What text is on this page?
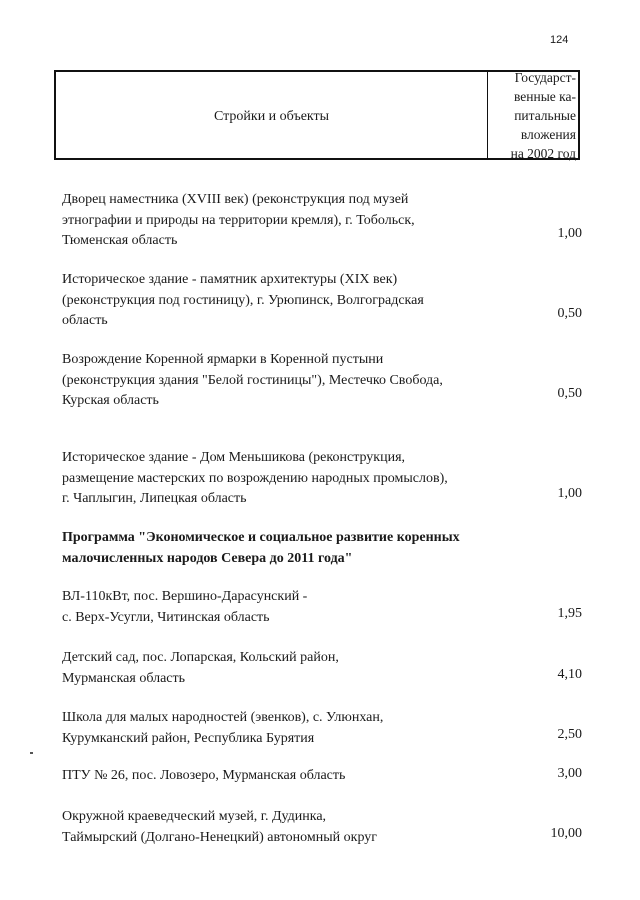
124
Стройки и объекты
Государст-
венные ка-
питальные
вложения
на 2002 год
Дворец наместника (XVIII век) (реконструкция под музей
этнографии и природы на территории кремля), г. Тобольск,
Тюменская область	1,00
Историческое здание - памятник архитектуры (XIX век)
(реконструкция под гостиницу), г. Урюпинск, Волгоградская
область	0,50
Возрождение Коренной ярмарки в Коренной пустыни
(реконструкция здания "Белой гостиницы"), Местечко Свобода,
Курская область	0,50
Историческое здание - Дом Меньшикова (реконструкция,
размещение мастерских по возрождению народных промыслов),
г. Чаплыгин, Липецкая область	1,00
Программа "Экономическое и социальное развитие коренных
малочисленных народов Севера до 2011 года"
ВЛ-110кВт, пос. Вершино-Дарасунский -
с. Верх-Усугли, Читинская область	1,95
Детский сад, пос. Лопарская, Кольский район,
Мурманская область	4,10
Школа для малых народностей (эвенков), с. Улюнхан,
Курумканский район, Республика Бурятия	2,50
ПТУ № 26, пос. Ловозеро, Мурманская область	3,00
Окружной краеведческий музей, г. Дудинка,
Таймырский (Долгано-Ненецкий) автономный округ	10,00
